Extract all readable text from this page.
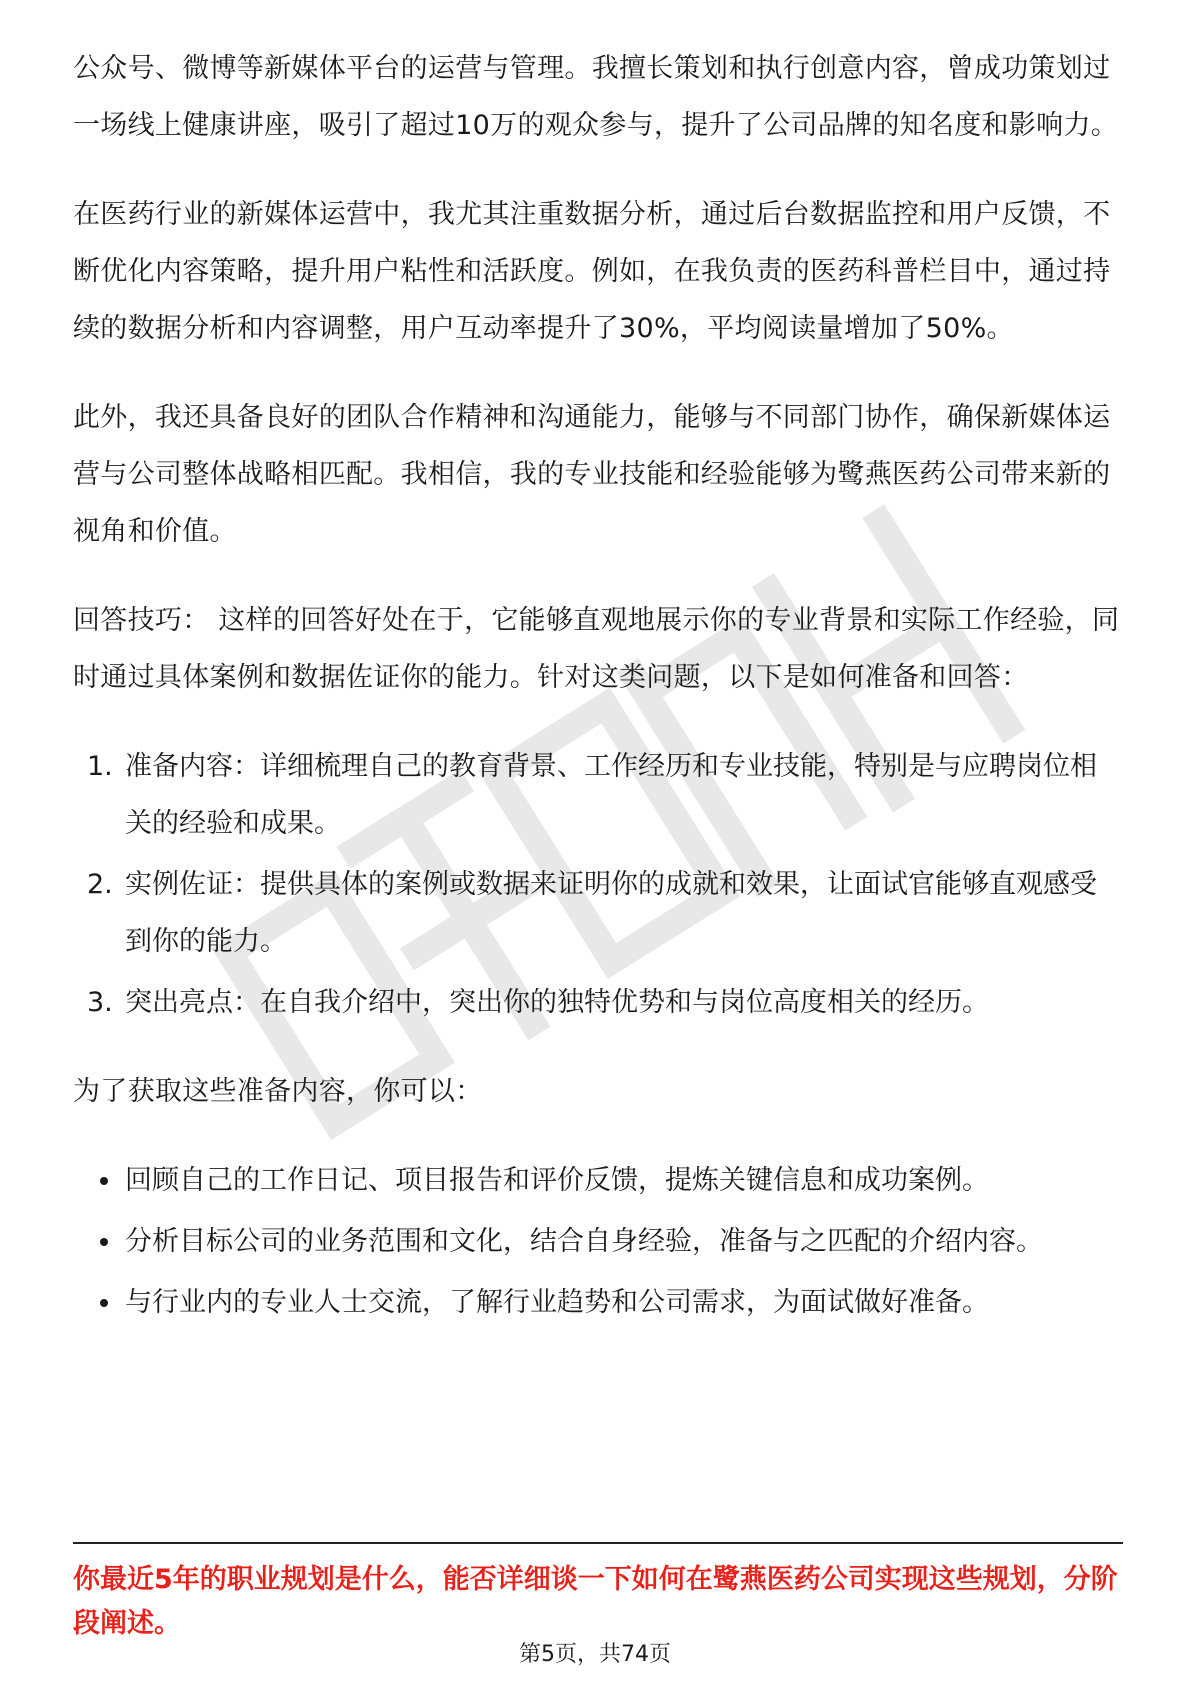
公众号、微博等新媒体平台的运营与管理。我擅长策划和执行创意内容，曾成功策划过一场线上健康讲座，吸引了超过10万的观众参与，提升了公司品牌的知名度和影响力。

在医药行业的新媒体运营中，我尤其注重数据分析，通过后台数据监控和用户反馈，不断优化内容策略，提升用户粘性和活跃度。例如，在我负责的医药科普栏目中，通过持续的数据分析和内容调整，用户互动率提升了30%，平均阅读量增加了50%。

此外，我还具备良好的团队合作精神和沟通能力，能够与不同部门协作，确保新媒体运营与公司整体战略相匹配。我相信，我的专业技能和经验能够为鹭燕医药公司带来新的视角和价值。

回答技巧： 这样的回答好处在于，它能够直观地展示你的专业背景和实际工作经验，同时通过具体案例和数据佐证你的能力。针对这类问题，以下是如何准备和回答：

1. 准备内容：详细梳理自己的教育背景、工作经历和专业技能，特别是与应聘岗位相关的经验和成果。
2. 实例佐证：提供具体的案例或数据来证明你的成就和效果，让面试官能够直观感受到你的能力。
3. 突出亮点：在自我介绍中，突出你的独特优势和与岗位高度相关的经历。

为了获取这些准备内容，你可以：

回顾自己的工作日记、项目报告和评价反馈，提炼关键信息和成功案例。
分析目标公司的业务范围和文化，结合自身经验，准备与之匹配的介绍内容。
与行业内的专业人士交流，了解行业趋势和公司需求，为面试做好准备。

你最近5年的职业规划是什么，能否详细谈一下如何在鹭燕医药公司实现这些规划，分阶段阐述。

第5页，共74页
